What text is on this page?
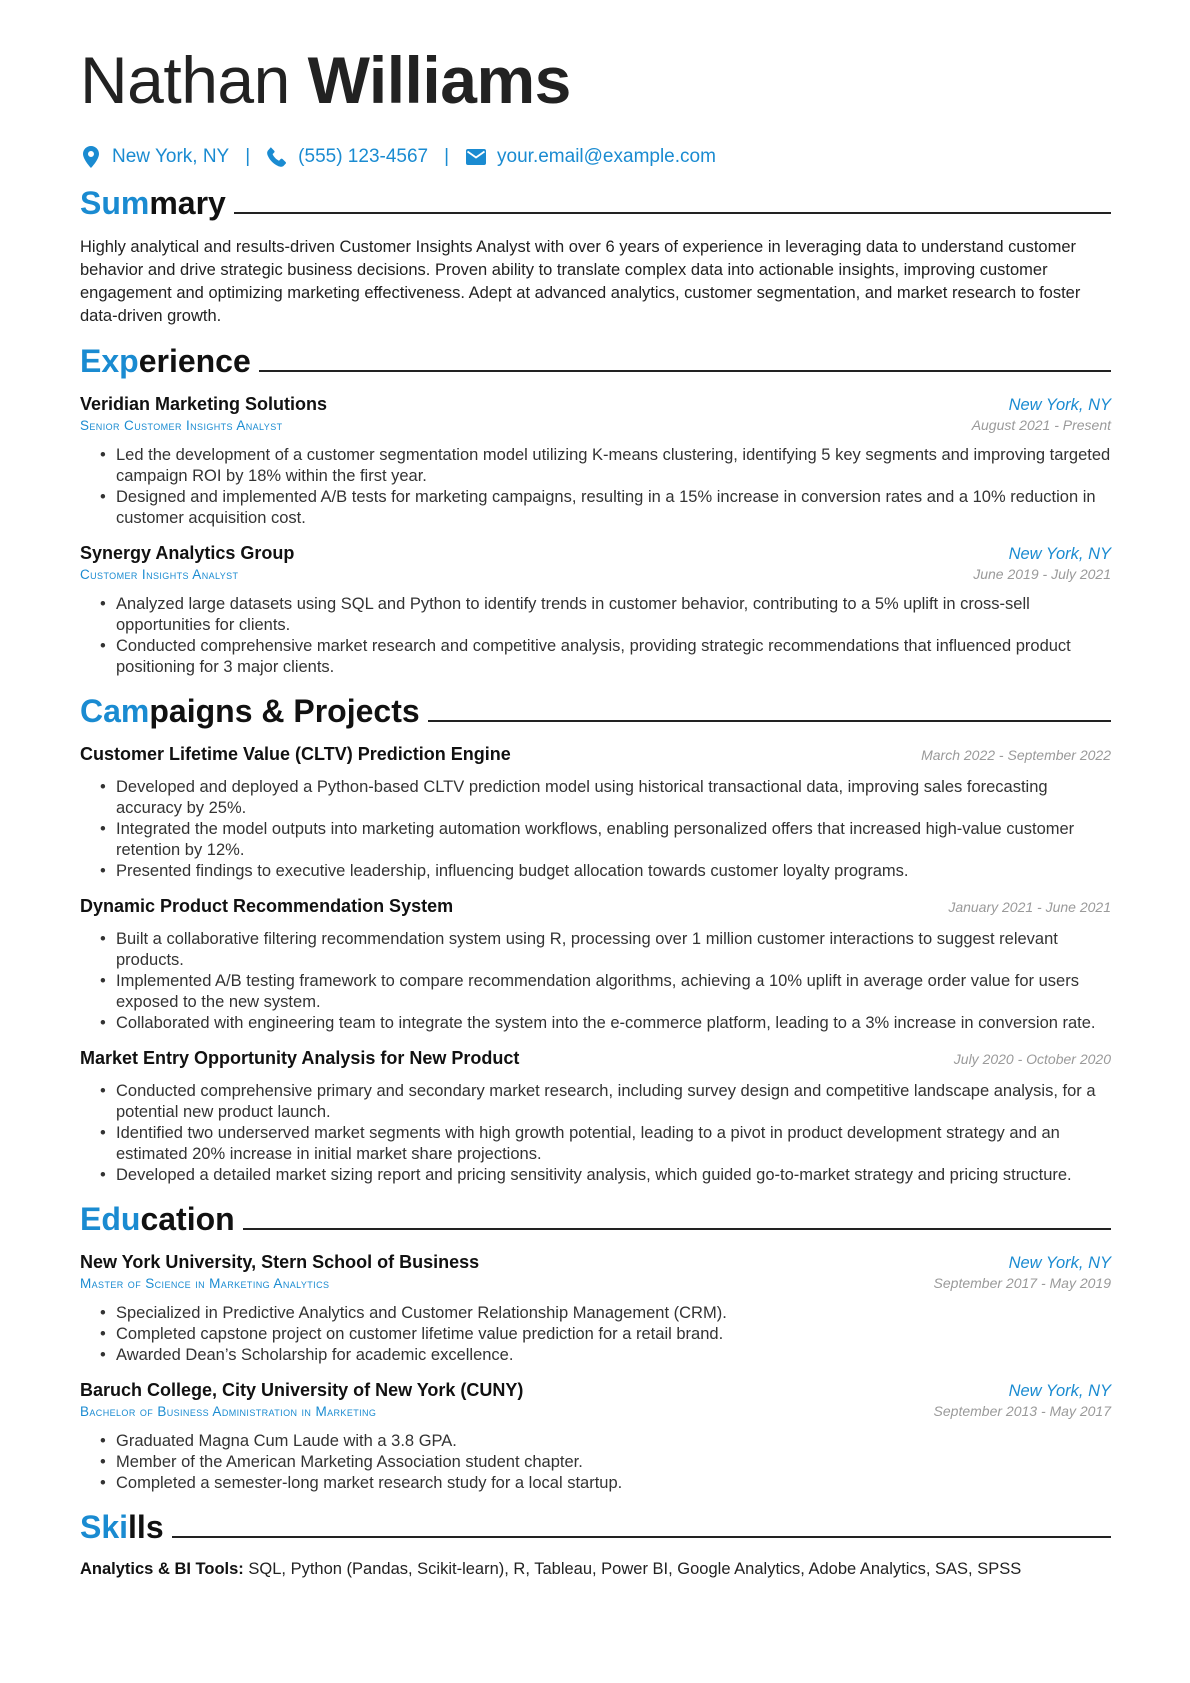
Nathan Williams
New York, NY |	(555) 123-4567 |	your.email@example.com
Summary

Highly analytical and results-driven Customer Insights Analyst with over 6 years of experience in leveraging data to understand customer behavior and drive strategic business decisions. Proven ability to translate complex data into actionable insights, improving customer engagement and optimizing marketing effectiveness. Adept at advanced analytics, customer segmentation, and market research to foster data-driven growth.

Experience
Veridian Marketing Solutions	New York, NY
Senior Customer Insights Analyst	August 2021 - Present
• Led the development of a customer segmentation model utilizing K-means clustering, identifying 5 key segments and improving targeted campaign ROI by 18% within the first year.
• Designed and implemented A/B tests for marketing campaigns, resulting in a 15% increase in conversion rates and a 10% reduction in customer acquisition cost.
Synergy Analytics Group	New York, NY
Customer Insights Analyst	June 2019 - July 2021
• Analyzed large datasets using SQL and Python to identify trends in customer behavior, contributing to a 5% uplift in cross-sell opportunities for clients.
• Conducted comprehensive market research and competitive analysis, providing strategic recommendations that influenced product positioning for 3 major clients.
Campaigns & Projects
Customer Lifetime Value (CLTV) Prediction Engine	March 2022 - September 2022
• Developed and deployed a Python-based CLTV prediction model using historical transactional data, improving sales forecasting accuracy by 25%.
• Integrated the model outputs into marketing automation workflows, enabling personalized offers that increased high-value customer retention by 12%.
• Presented findings to executive leadership, influencing budget allocation towards customer loyalty programs.
Dynamic Product Recommendation System	January 2021 - June 2021
• Built a collaborative filtering recommendation system using R, processing over 1 million customer interactions to suggest relevant products.
• Implemented A/B testing framework to compare recommendation algorithms, achieving a 10% uplift in average order value for users exposed to the new system.
• Collaborated with engineering team to integrate the system into the e-commerce platform, leading to a 3% increase in conversion rate.
Market Entry Opportunity Analysis for New Product	July 2020 - October 2020
• Conducted comprehensive primary and secondary market research, including survey design and competitive landscape analysis, for a potential new product launch.
• Identified two underserved market segments with high growth potential, leading to a pivot in product development strategy and an estimated 20% increase in initial market share projections.
• Developed a detailed market sizing report and pricing sensitivity analysis, which guided go-to-market strategy and pricing structure.
Education
New York University, Stern School of Business	New York, NY
Master of Science in Marketing Analytics	September 2017 - May 2019
• Specialized in Predictive Analytics and Customer Relationship Management (CRM).
• Completed capstone project on customer lifetime value prediction for a retail brand.
• Awarded Dean’s Scholarship for academic excellence.
Baruch College, City University of New York (CUNY)	New York, NY
Bachelor of Business Administration in Marketing	September 2013 - May 2017
• Graduated Magna Cum Laude with a 3.8 GPA.
• Member of the American Marketing Association student chapter.
• Completed a semester-long market research study for a local startup.
Skills
Analytics & BI Tools: SQL, Python (Pandas, Scikit-learn), R, Tableau, Power BI, Google Analytics, Adobe Analytics, SAS, SPSS
